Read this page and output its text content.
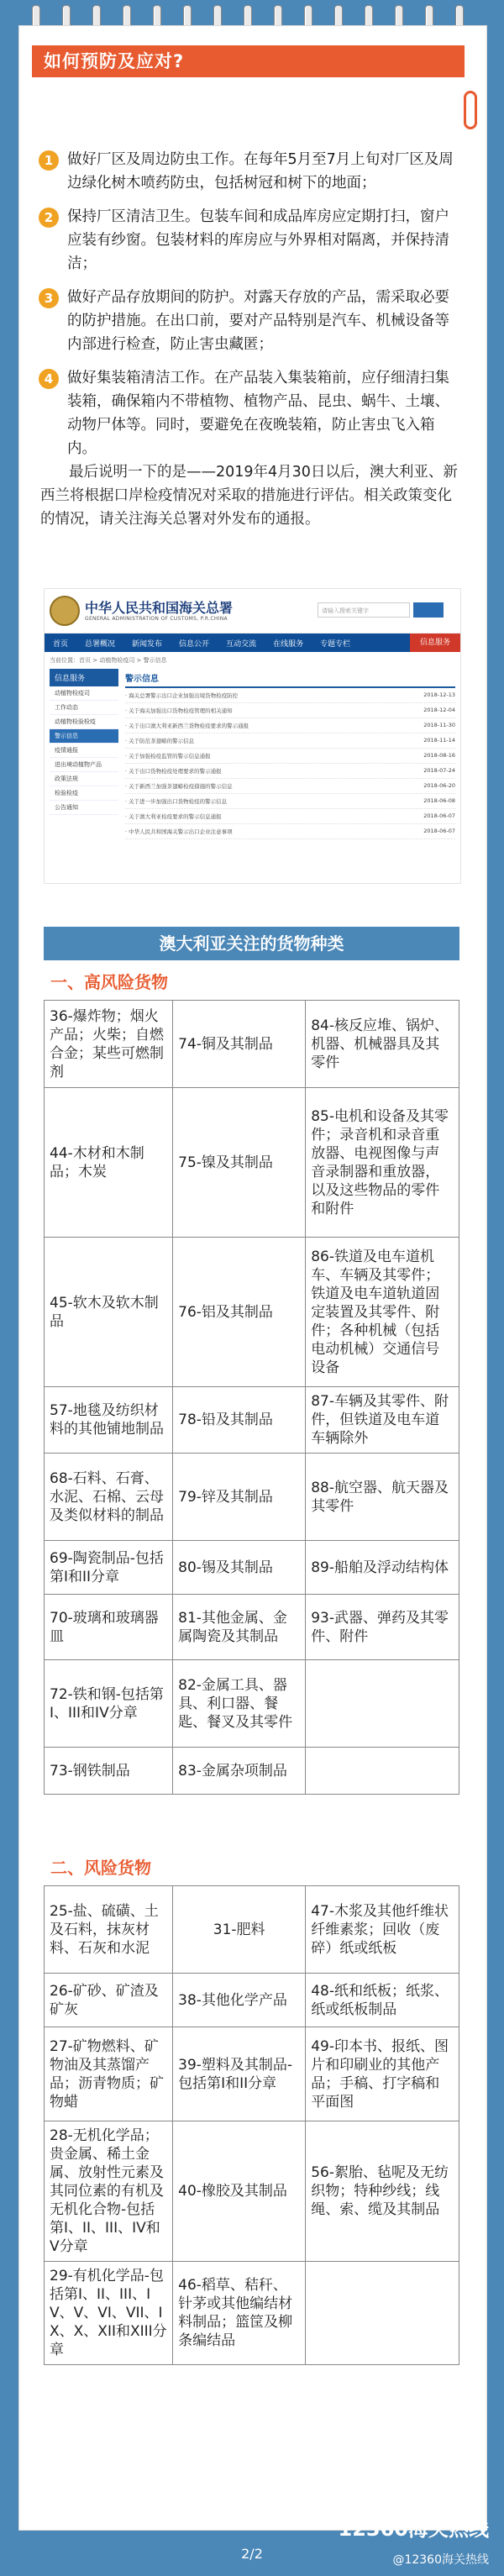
如何预防及应对?
1 做好厂区及周边防虫工作。在每年5月至7月上旬对厂区及周边绿化树木喷药防虫，包括树冠和树下的地面；
2 保持厂区清洁卫生。包装车间和成品库房应定期打扫，窗户应装有纱窗。包装材料的库房应与外界相对隔离，并保持清洁；
3 做好产品存放期间的防护。对露天存放的产品，需采取必要的防护措施。在出口前，要对产品特别是汽车、机械设备等内部进行检查，防止害虫藏匿；
4 做好集装箱清洁工作。在产品装入集装箱前，应仔细清扫集装箱，确保箱内不带植物、植物产品、昆虫、蜗牛、土壤、动物尸体等。同时，要避免在夜晚装箱，防止害虫飞入箱内。
最后说明一下的是——2019年4月30日以后，澳大利亚、新西兰将根据口岸检疫情况对采取的措施进行评估。相关政策变化的情况，请关注海关总署对外发布的通报。
中华人民共和国海关总署
GENERAL ADMINISTRATION OF CUSTOMS, P.R.CHINA
请输入搜索关键字
首页	总署概况	新闻发布	信息公开	互动交流	在线服务	专题专栏	信息服务
当前位置：首页 > 动植物检疫司 > 警示信息
信息服务
动植物检疫司
工作动态
动植物检验检疫
警示信息
疫情通报
进出境动植物产品
政策法规
检验检疫
公告通知
警示信息
· 海关总署警示出口企业加强出境货物检疫防控	2018-12-13
· 关于海关加强出口货物检疫管理的相关通知	2018-12-04
· 关于出口澳大利亚新西兰货物检疫要求的警示通报	2018-11-30
· 关于防范茶翅蝽的警示信息	2018-11-14
· 关于加强检疫监管的警示信息通报	2018-08-16
· 关于出口货物检疫处理要求的警示通报	2018-07-24
· 关于新西兰加强茶翅蝽检疫措施的警示信息	2018-06-20
· 关于进一步加强出口货物检疫的警示信息	2018-06-08
· 关于澳大利亚检疫要求的警示信息通报	2018-06-07
· 中华人民共和国海关警示出口企业注意事项	2018-06-07
澳大利亚关注的货物种类
一、高风险货物
36-爆炸物；烟火产品；火柴；自燃合金；某些可燃制剂	74-铜及其制品	84-核反应堆、锅炉、机器、机械器具及其零件
44-木材和木制品；木炭	75-镍及其制品	85-电机和设备及其零件；录音机和录音重放器、电视图像与声音录制器和重放器，以及这些物品的零件和附件
45-软木及软木制品	76-铝及其制品	86-铁道及电车道机车、车辆及其零件；铁道及电车道轨道固定装置及其零件、附件；各种机械（包括电动机械）交通信号设备
57-地毯及纺织材料的其他铺地制品	78-铅及其制品	87-车辆及其零件、附件，但铁道及电车道车辆除外
68-石料、石膏、水泥、石棉、云母及类似材料的制品	79-锌及其制品	88-航空器、航天器及其零件
69-陶瓷制品-包括第I和II分章	80-锡及其制品	89-船舶及浮动结构体
70-玻璃和玻璃器皿	81-其他金属、金属陶瓷及其制品	93-武器、弹药及其零件、附件
72-铁和钢-包括第I、III和IV分章	82-金属工具、器具、利口器、餐匙、餐叉及其零件	
73-钢铁制品	83-金属杂项制品	
二、风险货物
25-盐、硫磺、土及石料，抹灰材料、石灰和水泥	31-肥料	47-木浆及其他纤维状纤维素浆；回收（废碎）纸或纸板
26-矿砂、矿渣及矿灰	38-其他化学产品	48-纸和纸板；纸浆、纸或纸板制品
27-矿物燃料、矿物油及其蒸馏产品；沥青物质；矿物蜡	39-塑料及其制品-包括第I和II分章	49-印本书、报纸、图片和印刷业的其他产品；手稿、打字稿和平面图
28-无机化学品；贵金属、稀土金属、放射性元素及其同位素的有机及无机化合物-包括第I、II、III、IV和V分章	40-橡胶及其制品	56-絮胎、毡呢及无纺织物；特种纱线；线绳、索、缆及其制品
29-有机化学品-包括第I、II、III、IV、V、VI、VII、IX、X、XII和XIII分章	46-稻草、秸秆、针茅或其他编结材料制品；篮筐及柳条编结品	
12360海关热线
2/2	@12360海关热线
